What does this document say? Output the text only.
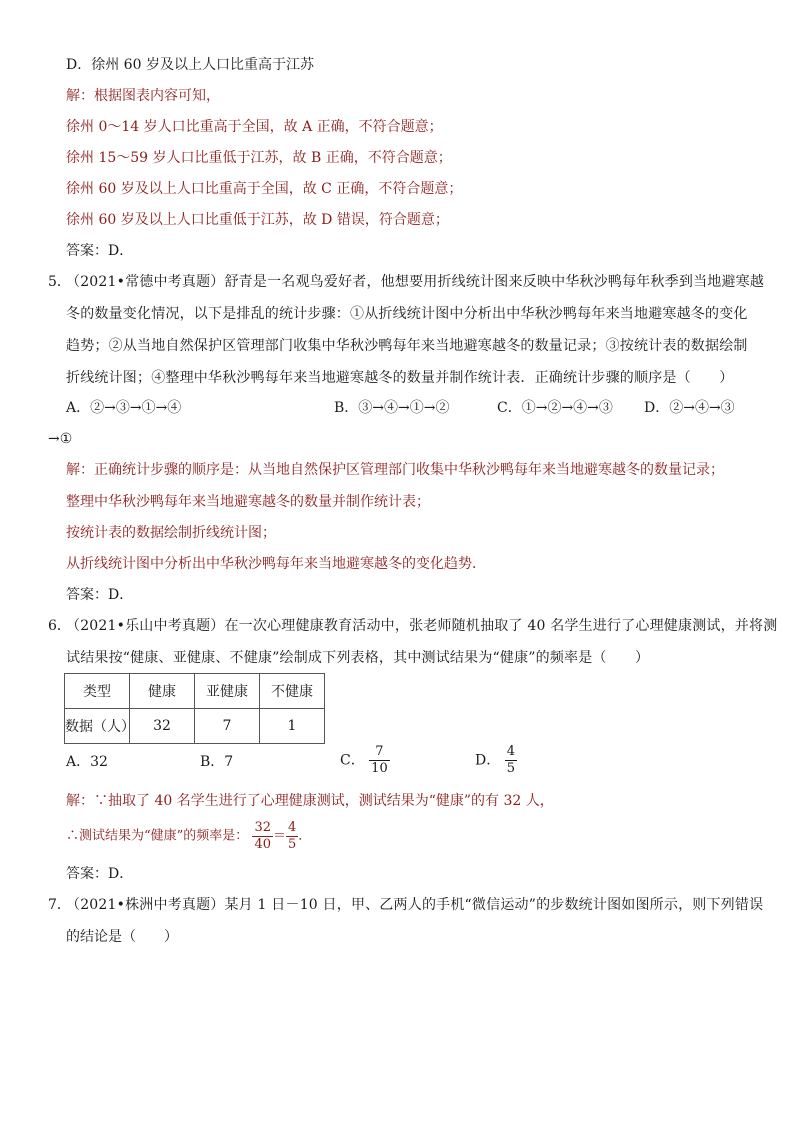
D．徐州 60 岁及以上人口比重高于江苏
解：根据图表内容可知，
徐州 0～14 岁人口比重高于全国，故 A 正确，不符合题意；
徐州 15～59 岁人口比重低于江苏，故 B 正确，不符合题意；
徐州 60 岁及以上人口比重高于全国，故 C 正确，不符合题意；
徐州 60 岁及以上人口比重低于江苏，故 D 错误，符合题意；
答案：D．
5．
（2021•常德中考真题）舒青是一名观鸟爱好者，他想要用折线统计图来反映中华秋沙鸭每年秋季到当地避寒越
冬的数量变化情况，以下是排乱的统计步骤：①从折线统计图中分析出中华秋沙鸭每年来当地避寒越冬的变化
趋势；②从当地自然保护区管理部门收集中华秋沙鸭每年来当地避寒越冬的数量记录；③按统计表的数据绘制
折线统计图；④整理中华秋沙鸭每年来当地避寒越冬的数量并制作统计表．正确统计步骤的顺序是（　　）
A．②→③→①→④	B．③→④→①→②	C．①→②→④→③ D．②→④→③
→①
解：正确统计步骤的顺序是：从当地自然保护区管理部门收集中华秋沙鸭每年来当地避寒越冬的数量记录；
整理中华秋沙鸭每年来当地避寒越冬的数量并制作统计表；
按统计表的数据绘制折线统计图；
从折线统计图中分析出中华秋沙鸭每年来当地避寒越冬的变化趋势．
答案：D．
6．
（2021•乐山中考真题）在一次心理健康教育活动中，张老师随机抽取了 40 名学生进行了心理健康测试，并将测
试结果按“健康、亚健康、不健康”绘制成下列表格，其中测试结果为“健康”的频率是（　　）
类型	健康	亚健康	不健康
数据（人）	32	7	1
A．32	B．7	C． $\frac{7}{10}$	D． $\frac{4}{5}$
解：∵抽取了 40 名学生进行了心理健康测试，测试结果为“健康”的有 32 人，
∴测试结果为“健康”的频率是： $\frac{32}{40} = \frac{4}{5}$ ．
答案：D．
7．
（2021•株洲中考真题）某月 1 日－10 日，甲、乙两人的手机“微信运动”的步数统计图如图所示，则下列错误
的结论是（　　）
